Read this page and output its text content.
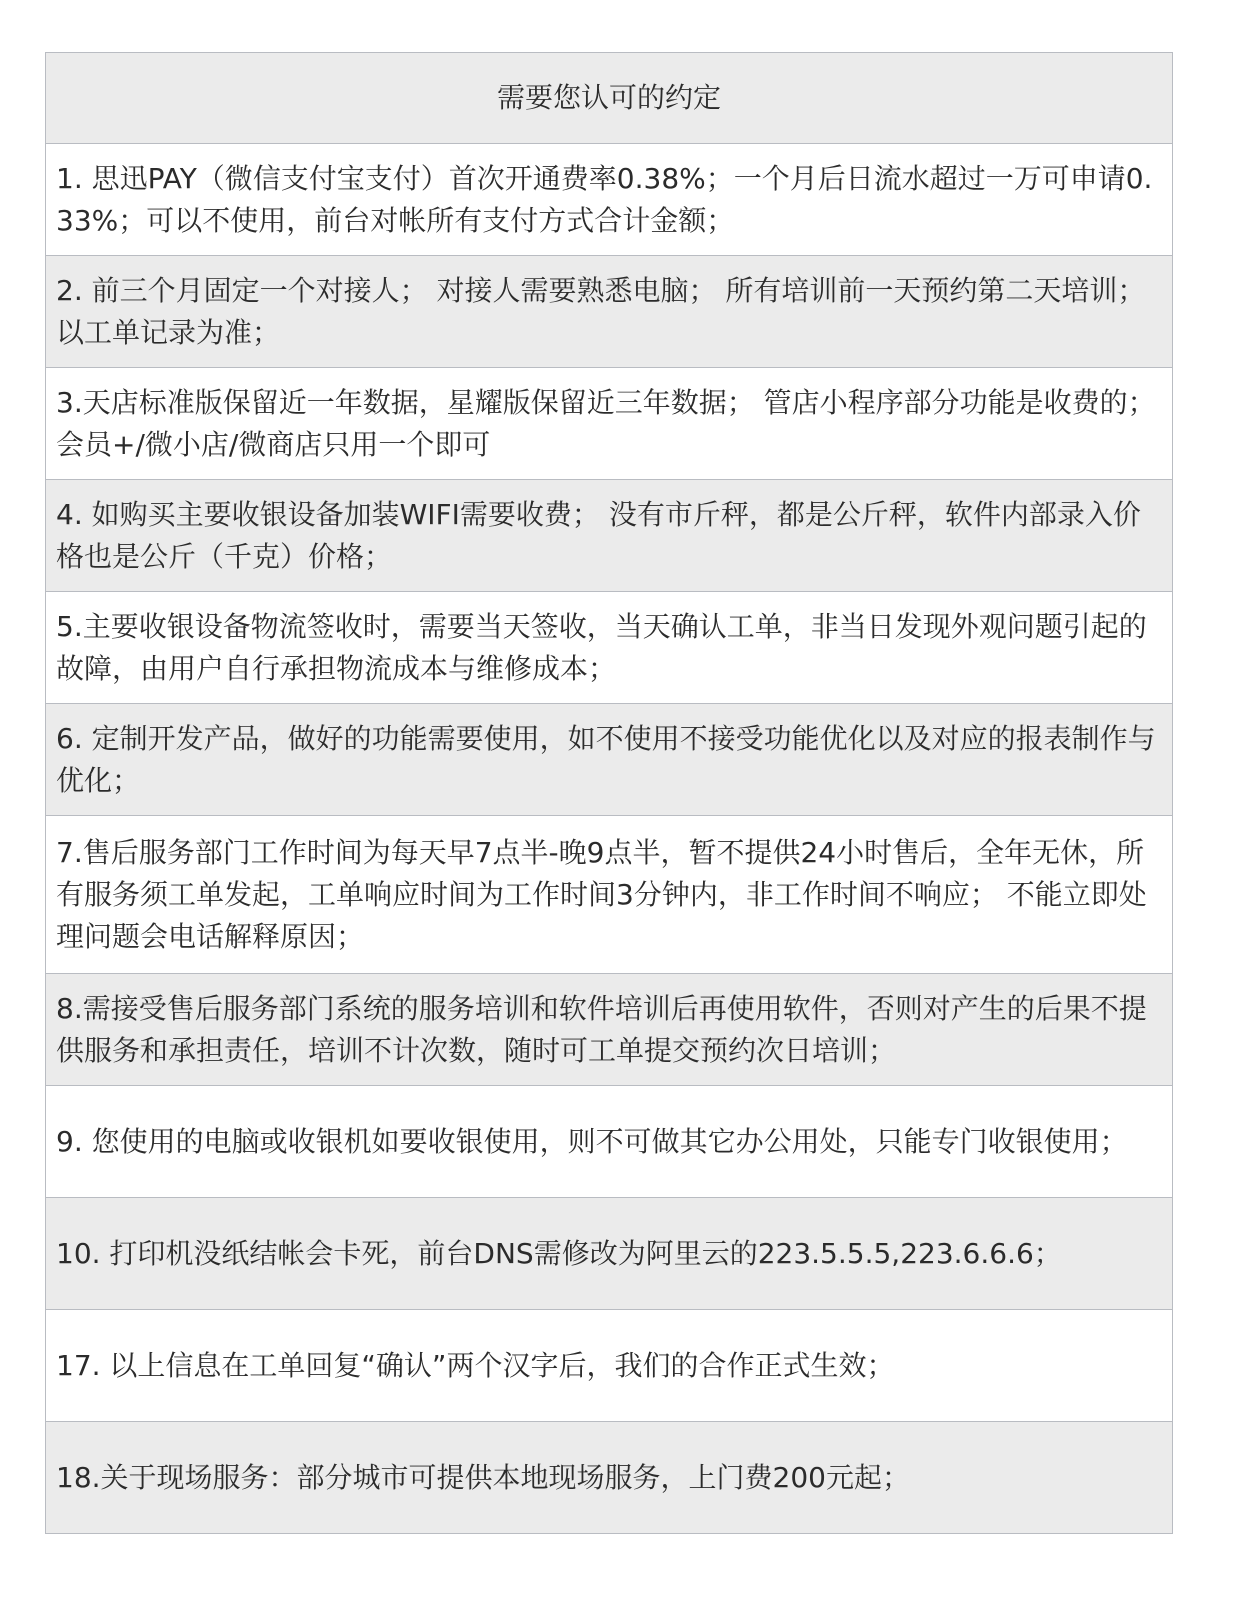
需要您认可的约定
1. 思迅PAY（微信支付宝支付）首次开通费率0.38%；一个月后日流水超过一万可申请0.33%；可以不使用，前台对帐所有支付方式合计金额；
2. 前三个月固定一个对接人； 对接人需要熟悉电脑； 所有培训前一天预约第二天培训； 以工单记录为准；
3.天店标准版保留近一年数据，星耀版保留近三年数据； 管店小程序部分功能是收费的； 会员+/微小店/微商店只用一个即可
4. 如购买主要收银设备加装WIFI需要收费； 没有市斤秤，都是公斤秤，软件内部录入价格也是公斤（千克）价格；
5.主要收银设备物流签收时，需要当天签收，当天确认工单，非当日发现外观问题引起的故障，由用户自行承担物流成本与维修成本；
6. 定制开发产品，做好的功能需要使用，如不使用不接受功能优化以及对应的报表制作与优化；
7.售后服务部门工作时间为每天早7点半-晚9点半，暂不提供24小时售后，全年无休，所有服务须工单发起，工单响应时间为工作时间3分钟内，非工作时间不响应； 不能立即处理问题会电话解释原因；
8.需接受售后服务部门系统的服务培训和软件培训后再使用软件，否则对产生的后果不提供服务和承担责任，培训不计次数，随时可工单提交预约次日培训；
9. 您使用的电脑或收银机如要收银使用，则不可做其它办公用处，只能专门收银使用；
10. 打印机没纸结帐会卡死，前台DNS需修改为阿里云的223.5.5.5,223.6.6.6；
17. 以上信息在工单回复“确认”两个汉字后，我们的合作正式生效；
18.关于现场服务：部分城市可提供本地现场服务，上门费200元起；
